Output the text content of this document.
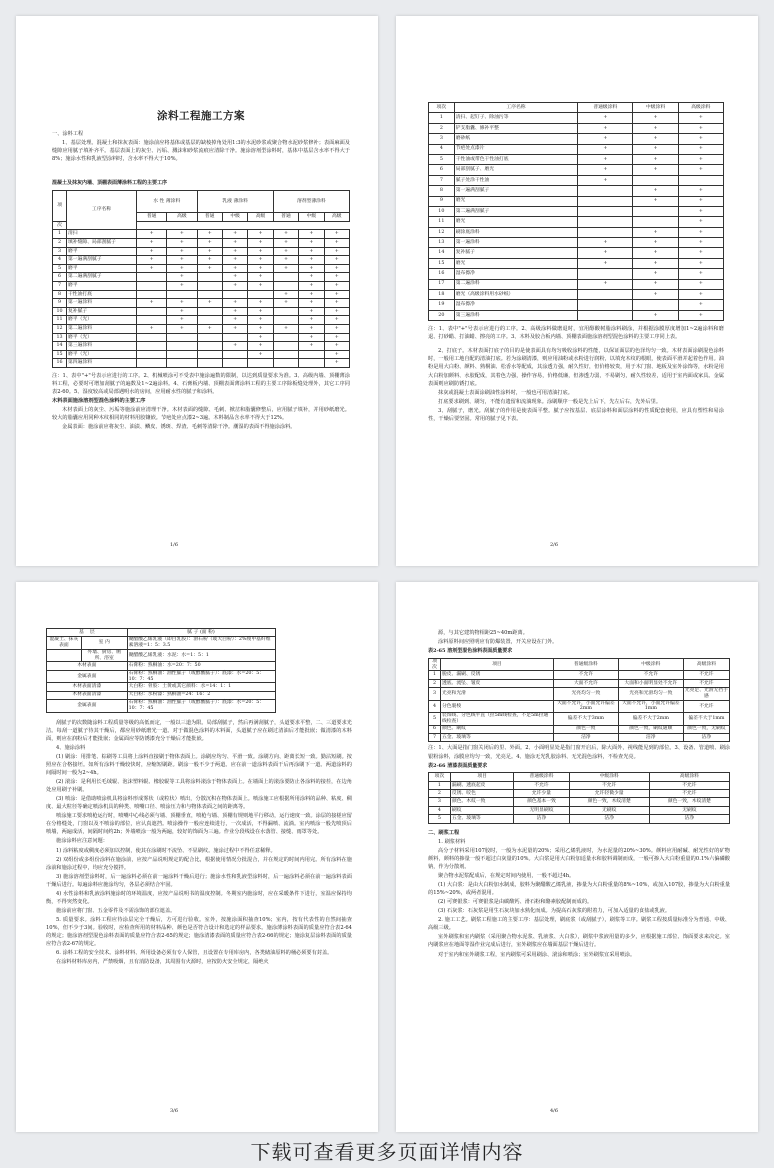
涂料工程施工方案

一、涂料工程

1、基层处理。混凝土和抹灰表面：施涂前应将基体或基层的缺棱掉角处用1:3的水泥砂浆或聚合物水泥砂浆修补；表面麻面及缝隙应用腻子填补齐平。基层表面上的灰尘、污垢、溅沫和砂浆流痕应清除干净。施涂溶剂型涂料时，基体中基层含水率不得大于8%；施涂水性和乳液型涂料时，含水率不得大于10%。

混凝土及抹灰内墙、顶棚表面薄涂料工程的主要工序

项	工序名称	水 性 薄涂料		乳液 薄涂料			溶剂型薄涂料		
		普通	高级	普通	中级	高级	普通	中级	高级
次									
1	清扫	+	+	+	+	+	+	+	+
2	填补缝隙、局部刮腻子	+	+	+	+	+	+	+	+
3	磨平	+	+	+	+	+	+	+	+
4	第一遍满刮腻子	+	+	+	+	+	+	+	+
5	磨平	+	+	+	+	+	+	+	+
6	第二遍满刮腻子		+		+	+		+	+
7	磨平		+		+	+		+	+
8	干性油打底						+	+	+
9	第一遍涂料	+	+	+	+	+	+	+	+
10	复补腻子		+		+	+		+	+
11	磨平（光）		+		+	+		+	+
12	第二遍涂料	+	+	+	+	+	+	+	+
13	磨平（光）					+		+	+
14	第三遍涂料				+	+		+	+
15	磨平（光）					+			+
16	第四遍涂料								+

注：1、表中"+"号表示应进行的工序。2、机械喷涂可不受表中施涂遍数的限制，以达到质量要求为准。3、高级内墙、顶棚薄涂料工程，必要时可增加刮腻子的遍数及1~2遍涂料。4、石膏板内墙、顶棚表面薄涂料工程的主要工序除板缝处理外，其它工序同表2-60。5、湿度较高或局部遇明水的房间，应用耐水性的腻子和涂料。

木料表面施涂溶剂型混色涂料的主要工序

木材表面上的灰尘、污垢等施涂前应清理干净。木材表面的缝隙、毛刺、掀岔和脂囊修整后，应用腻子填补，并用砂纸磨光。较大的脂囊应用同种木纹相同的材料用胶镶嵌。节疤处应点漆2~3遍。木料制品含水率不得大于12%。

金属表面：施涂前应将灰尘、油渍、鳞皮、锈斑、焊渣、毛刺等清除干净。潮湿的表面不得施涂涂料。

1/6
项次	工序名称	普通级涂料	中级涂料	高级涂料
1	清扫、起钉子、除油污等	+	+	+
2	铲支脂囊、修补平整	+	+	+
3	磨砂纸	+	+	+
4	节疤处点漆片	+	+	+
5	干性油或带色干性油打底	+	+	+
6	局部刮腻子、磨光	+	+	+
7	腻子处涂干性油	+		
8	第一遍满刮腻子		+	+
9	磨光		+	+
10	第二遍满刮腻子			+
11	磨光			+
12	刷涂底涂料		+	+
13	第一遍涂料	+	+	+
14	复补腻子	+	+	+
15	磨光	+	+	+
16	湿布擦净		+	+
17	第二遍涂料	+	+	+
18	磨光（高级涂料用水砂纸）		+	+
19	湿布擦净			+
20	第三遍涂料		+	+

注：1、表中"+"号表示应进行的工序。2、高级涂料做磨退时，宜用醇酸树脂涂料刷涂，并根据涂膜厚度增加1~2遍涂料和磨退、打砂蜡、打油蜡、擦亮的工序。3、木料及胶合板内墙、顶棚表面施涂溶剂型混色涂料的主要工序同上表。

2、打底子。木材表面打底子的目的是使表面具有均匀吸收涂料的性能，以保证面层的色泽均匀一致。木材表面涂刷混色涂料时，一般用工地自配的清油打底。若为涂刷清漆，则应用油粉或水粉进行润粉，以填充木纹的根眼，使表面平滑并起着色作用。油粉是用大白粉、颜料、熟桐油、松香水等配成，其涂透力强，耐久性好，但价格较贵，用于木门窗、地板及室外涂饰等，水粉是用大白粉加颜料、水胶配成，其着色力强，操作容易，价格低廉，但渗透力弱，不易刷匀，耐久性较差，适用于室内面或家具。金属表面则应刷防锈打底。

抹灰或混凝土表面涂刷油性涂料时，一般也可用清油打底。

打底要求刷到、刷匀，不能有遗留和流淌现象。涂刷顺序一般是先上后下，先左后右，先外后里。

3、刮腻子，磨光。刮腻子的作用是使表面平整。腻子应按基层、底层涂料和面层涂料的性质配套使用，应具有塑性和易涂性，干燥后要坚固。常用的腻子见下表。

2/6
基 层		腻 子 (面 粉)
混凝土、抹灰表面	室 内	聚醋酸乙烯乳液（即白乳胶）：滑石粉（或大白粉）：2%羧甲基纤维素溶液=1：5：3.5
	外墙、厨房、厕所、浴室	聚醋酸乙烯乳液：水泥：水=1：5：1
木材表面		石膏粉：熟桐油：水=20：7：50
金属表面		石膏粉：熟桐油：油性腻子（或醇酸腻子）：底漆：水=20：5：10：7：45
木材表面清漆		大白粉：骨胶：土黄或其它颜料：水=14：1：1
木材表面清漆		大白粉：水粉漆：熟桐油=24：16：2
金属表面		石膏粉：熟桐油：油性腻子（或醇酸腻子）：底漆：水=20：5：10：7：45

刮腻子的次数随涂料工程质量等级的高低而定，一般以三道为限。局部刮腻子，然后再满刮腻子，头道要求平整，二、三道要求光洁。每刮一道腻子待其干燥后，都应用砂纸磨光一道。对于做混色涂料的木料面，头道腻子应在刷过清油后才能批嵌；做清漆的木料面，则应在润粉后才能批嵌；金属面应等防锈漆充分干燥后才能批嵌。

4、施涂涂料

(1) 刷涂：用排笔、棕刷等工具将上涂料直接刷于物体表面上。涂刷应均匀、平滑一致。涂刷方向、距离长短一致。勤沾短刷。按照应在合格接坯。如所有涂料干燥较快时，应缩短刷距。刷涂一般不少于两道。应在前一道涂料表面干后再涂刷下一道。两道涂料的间隔时间一般为2~4h。

(2) 滚涂：是利用长毛绒辊、泡沫塑料辊、橡胶辊等工具将涂料滚涂于物体表面上。在墙面上的滚涂要防止各涂料的接茬，在边角处应用刷子补刷。

(3) 喷涂：是借助喷涂机具将涂料形成雾状（或粒状）喷出，分散沉积在物体表面上。喷涂施工应根据所用涂料的品种、粘度、稠度、最大粒径等确定喷涂机具的种类、喷嘴口径、喷涂压力和与物体表面之间的距离等。

喷涂施工要求喷枪运行时，喷嘴中心线必须与墙、顶棚垂直，喷枪与墙、顶棚有规则地平行移动，运行速度一致。涂层的接槎应留在分格缝处，门窗以及不喷涂的部位，应认真遮挡。喷涂操作一般应连续进行，一次成活，不得漏喷、流淌。室内喷涂一般先喷顶后喷墙，两遍成活，间隔时间约2h；外墙喷涂一般为两遍，较好的饰面为三遍。作业分段线设在水落管、接缝、雨罩等处。

施涂涂料应注意问题：

1) 涂料粘度或稠度必须加以控制，使其在涂刷时不流坠、不显刷纹。施涂过程中不得任意稀释。

2) 双组份或多组份涂料在施涂前，应按产品说明规定的配合比，根据使用情况分批混合，并在规定的时间内用完。所有涂料在施涂前和施涂过程中，均应充分搅拌。

3) 施涂溶剂型涂料时，后一遍涂料必须在前一遍涂料干燥后进行；施涂水性和乳液型涂料时，后一遍涂料必须在前一遍涂料表面干燥后进行。每遍涂料应施涂均匀，各层必须结合牢固。

4) 水性涂料和乳液涂料施涂时的环境温度，应按产品说明书的温度控制。冬期室内施涂时，应在采暖条件下进行，室温应保持均衡，不得突然变化。

施涂前应将门窗、五金零件及不需涂饰的部位遮盖。

5. 质量要求。涂料工程应待涂层完全干燥后，方可进行验收。室外，按施涂面积抽查10%；室内，按有代表性的自然间抽查10%，但不少于3间。验收时，应检查所用的材料品种、颜色是否符合设计和选定的样品要求。施涂薄涂料表面的质量应符合表2-64的规定；施涂溶剂型混色涂料表面的质量应符合表2-65的规定；施涂清漆表面的质量应符合表2-66的规定；施涂复层涂料表面的质量应符合表2-67的规定。

6. 涂料工程的安全技术。涂料材料、所用设备必须有专人保管，且设置在专用库房内，各类储油原料的桶必须要有封盖。

在涂料材料库房内，严禁吸烟，且有消防设备，其周围有火源时，应按防火安全规定，隔绝火

3/6

源，与其它建筑物相距25~40m距离。

涂料原料间应照明应有防爆装置，开关应设在门外。

表2-65 溶剂型混色涂料表面质量要求

项次	项目	普通级涂料	中级涂料	高级涂料
1	脱皮、漏刷、反锈	不允许	不允许	不允许
2	透底、流坠、皱皮	大面不允许	大面和小面明显处不允许	不允许
3	光亮和光滑	光亮均匀一致	光亮和光滑均匀一致	光亮足、光滑无挡手感
4	分色裹棱	大面不允许，小面允许偏差2mm	大面不允许，小面允许偏差1mm	不允许
5	装饰线、分色线平直（拉5m线检查，不足5m拉通线检查）	偏差不大于3mm	偏差不大于2mm	偏差不大于1mm
6	颜色、刷纹	颜色一致	颜色一致，刷纹通顺	颜色一致，无刷纹
7	五金、玻璃等	洁净	洁净	洁净

注：1、大面是指门窗关闭后的里、外面。2、小面明显处是指门窗开启后，除大面外，视线能见到的部位。3、设备、管道喷、刷涂银粉涂料，涂膜应均匀一致，光亮足。4、施涂无光乳胶涂料、无光混色涂料，不检查光亮。

表2-66 清漆表面质量要求

项次	项目	普通级涂料	中级涂料	高级涂料
1	漏刷、透底起皮	不允许	不允许	不允许
2	反锈、咬色	允许少量	允许轻微少量	不允许
3	颜色、木纹一致	颜色基本一致	颜色一致，木纹清楚	颜色一致，木纹清楚
4	刷纹	无明显刷纹	无刷纹	无刷纹
5	五金、玻璃等	洁净	洁净	洁净

二、刷浆工程

1. 刷浆材料

高分子材料采用107胶时，一般为水泥量的20%；采用乙烯乳液时，为水泥量的20%~30%。颜料应用耐碱、耐光性好的矿物颜料，颜料的掺量一般不超过白灰量的10%。大白浆是用大白粉加适量水和胶料调制而成，一般可掺入大白粉重量的0.1%六偏磷酸钠，作为分散剂。

聚合物水泥浆配成后，在规定时间内使用，一般不超过4h。

(1) 大白浆：是由大白粉加水制成，胶料为聚醋酸乙烯乳液，掺量为大白粉重量的8%~10%，或加入107胶，掺量为大白粉重量的15%~20%，或两者混用。

(2) 可赛银浆：可赛银浆是由碳酸钙、滑石粉和酪素胶配制而成的。

(3) 石灰浆：石灰浆是用生石灰块加水熟化而成。为提高石灰浆的附着力，可加入适量的食盐或乳液。

2. 施工工艺。刷浆工程施工的主要工序：基层处理，刷底浆（或刮腻子），刷浆等工序。刷浆工程按质量标准分为普通、中级、高级三级。

室外刷浆和室内刷浆（采用聚合物水泥浆、乳液浆、大白浆），刷浆中浆液用量的多少，应根据施工部位、饰面要求来决定。室内刷浆应在地面等湿作业完成后进行，室外刷浆应在墙面基层干燥后进行。

对于室内和室外刷浆工程，室内刷浆可采用刷涂、滚涂和喷涂；室外刷浆宜采用喷涂。

4/6
下载可查看更多页面详情内容
